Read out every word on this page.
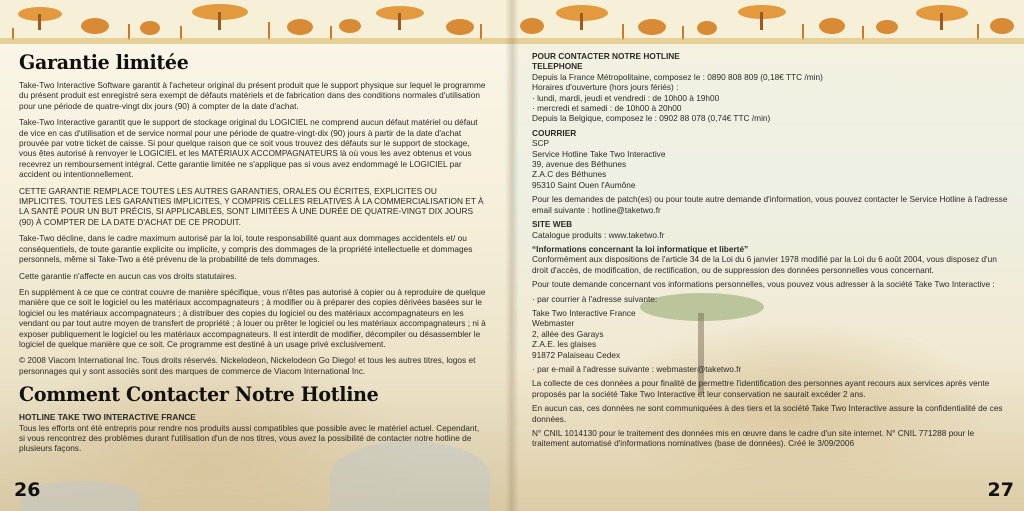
Garantie limitée

Take-Two Interactive Software garantit à l'acheteur original du présent produit que le support physique sur lequel le programme du présent produit est enregistré sera exempt de défauts matériels et de fabrication dans des conditions normales d'utilisation pour une période de quatre-vingt dix jours (90) à compter de la date d'achat.

Take-Two Interactive garantit que le support de stockage original du LOGICIEL ne comprend aucun défaut matériel ou défaut de vice en cas d'utilisation et de service normal pour une période de quatre-vingt-dix (90) jours à partir de la date d'achat prouvée par votre ticket de caisse. Si pour quelque raison que ce soit vous trouvez des défauts sur le support de stockage, vous êtes autorisé à renvoyer le LOGICIEL et les MATÉRIAUX ACCOMPAGNATEURS là où vous les avez obtenus et vous recevrez un remboursement intégral. Cette garantie limitée ne s'applique pas si vous avez endommagé le LOGICIEL par accident ou intentionnellement.

CETTE GARANTIE REMPLACE TOUTES LES AUTRES GARANTIES, ORALES OU ÉCRITES, EXPLICITES OU IMPLICITES. TOUTES LES GARANTIES IMPLICITES, Y COMPRIS CELLES RELATIVES À LA COMMERCIALISATION ET À LA SANTÉ POUR UN BUT PRÉCIS, SI APPLICABLES, SONT LIMITÉES À UNE DURÉE DE QUATRE-VINGT DIX JOURS (90) À COMPTER DE LA DATE D'ACHAT DE CE PRODUIT.

Take-Two décline, dans le cadre maximum autorisé par la loi, toute responsabilité quant aux dommages accidentels et/ ou conséquentiels, de toute garantie explicite ou implicite, y compris des dommages de la propriété intellectuelle et dommages personnels, même si Take-Two a été prévenu de la probabilité de tels dommages.

Cette garantie n'affecte en aucun cas vos droits statutaires.

En supplément à ce que ce contrat couvre de manière spécifique, vous n'êtes pas autorisé à copier ou à reproduire de quelque manière que ce soit le logiciel ou les matériaux accompagnateurs ; à modifier ou à préparer des copies dérivées basées sur le logiciel ou les matériaux accompagnateurs ; à distribuer des copies du logiciel ou des matériaux accompagnateurs en les vendant ou par tout autre moyen de transfert de propriété ; à louer ou prêter le logiciel ou les matériaux accompagnateurs ; ni à exposer publiquement le logiciel ou les matériaux accompagnateurs. Il est interdit de modifier, décompiler ou désassembler le logiciel de quelque manière que ce soit. Ce programme est destiné à un usage privé exclusivement.

© 2008 Viacom International Inc. Tous droits réservés. Nickelodeon, Nickelodeon Go Diego! et tous les autres titres, logos et personnages qui y sont associés sont des marques de commerce de Viacom International Inc.

Comment Contacter Notre Hotline
HOTLINE TAKE TWO INTERACTIVE FRANCE

Tous les efforts ont été entrepris pour rendre nos produits aussi compatibles que possible avec le matériel actuel. Cependant, si vous rencontrez des problèmes durant l'utilisation d'un de nos titres, vous avez la possibilité de contacter notre hotline de plusieurs façons.

26
POUR CONTACTER NOTRE HOTLINE
TELEPHONE
Depuis la France Métropolitaine, composez le : 0890 808 809 (0,18€ TTC /min)
Horaires d'ouverture (hors jours fériés) :
· lundi, mardi, jeudi et vendredi : de 10h00 à 19h00
· mercredi et samedi : de 10h00 à 20h00
Depuis la Belgique, composez le : 0902 88 078 (0,74€ TTC /min)
COURRIER
SCP
Service Hotline Take Two Interactive
39, avenue des Béthunes
Z.A.C des Béthunes
95310 Saint Ouen l'Aumône
Pour les demandes de patch(es) ou pour toute autre demande d'information, vous pouvez contacter le Service Hotline à l'adresse email suivante : hotline@taketwo.fr
SITE WEB
Catalogue produits : www.taketwo.fr
“Informations concernant la loi informatique et liberté”
Conformément aux dispositions de l'article 34 de la Loi du 6 janvier 1978 modifié par la Loi du 6 août 2004, vous disposez d'un droit d'accès, de modification, de rectification, ou de suppression des données personnelles vous concernant.
Pour toute demande concernant vos informations personnelles, vous pouvez vous adresser à la société Take Two Interactive :
· par courrier à l'adresse suivante:
Take Two Interactive France
Webmaster
2, allée des Garays
Z.A.E. les glaises
91872 Palaiseau Cedex
· par e-mail à l'adresse suivante : webmaster@taketwo.fr
La collecte de ces données a pour finalité de permettre l'identification des personnes ayant recours aux services après vente proposés par la société Take Two Interactive et leur conservation ne saurait excéder 2 ans.
En aucun cas, ces données ne sont communiquées à des tiers et la société Take Two Interactive assure la confidentialité de ces données.
N° CNIL 1014130 pour le traitement des données mis en œuvre dans le cadre d'un site internet. N° CNIL 771288 pour le traitement automatisé d'informations nominatives (base de données). Créé le 3/09/2006
27
